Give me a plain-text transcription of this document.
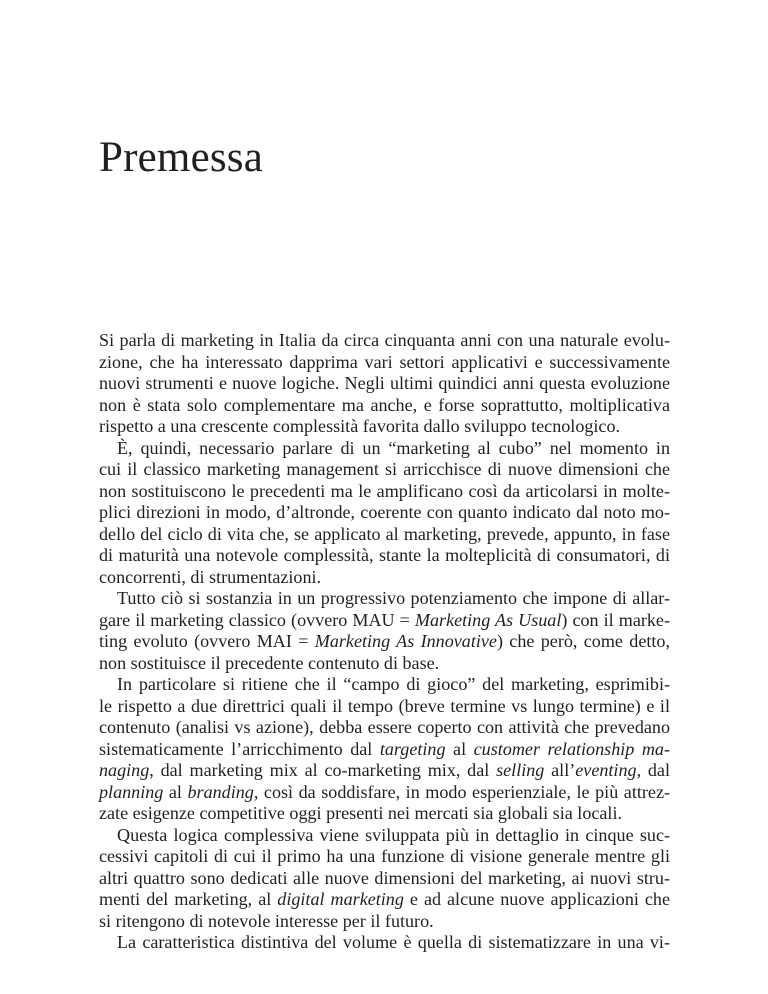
Premessa
Si parla di marketing in Italia da circa cinquanta anni con una naturale evolu-
zione, che ha interessato dapprima vari settori applicativi e successivamente
nuovi strumenti e nuove logiche. Negli ultimi quindici anni questa evoluzione
non è stata solo complementare ma anche, e forse soprattutto, moltiplicativa
rispetto a una crescente complessità favorita dallo sviluppo tecnologico.
È, quindi, necessario parlare di un “marketing al cubo” nel momento in
cui il classico marketing management si arricchisce di nuove dimensioni che
non sostituiscono le precedenti ma le amplificano così da articolarsi in molte-
plici direzioni in modo, d’altronde, coerente con quanto indicato dal noto mo-
dello del ciclo di vita che, se applicato al marketing, prevede, appunto, in fase
di maturità una notevole complessità, stante la molteplicità di consumatori, di
concorrenti, di strumentazioni.
Tutto ciò si sostanzia in un progressivo potenziamento che impone di allar-
gare il marketing classico (ovvero MAU = Marketing As Usual) con il marke-
ting evoluto (ovvero MAI = Marketing As Innovative) che però, come detto,
non sostituisce il precedente contenuto di base.
In particolare si ritiene che il “campo di gioco” del marketing, esprimibi-
le rispetto a due direttrici quali il tempo (breve termine vs lungo termine) e il
contenuto (analisi vs azione), debba essere coperto con attività che prevedano
sistematicamente l’arricchimento dal targeting al customer relationship ma-
naging, dal marketing mix al co-marketing mix, dal selling all’eventing, dal
planning al branding, così da soddisfare, in modo esperienziale, le più attrez-
zate esigenze competitive oggi presenti nei mercati sia globali sia locali.
Questa logica complessiva viene sviluppata più in dettaglio in cinque suc-
cessivi capitoli di cui il primo ha una funzione di visione generale mentre gli
altri quattro sono dedicati alle nuove dimensioni del marketing, ai nuovi stru-
menti del marketing, al digital marketing e ad alcune nuove applicazioni che
si ritengono di notevole interesse per il futuro.
La caratteristica distintiva del volume è quella di sistematizzare in una vi-
